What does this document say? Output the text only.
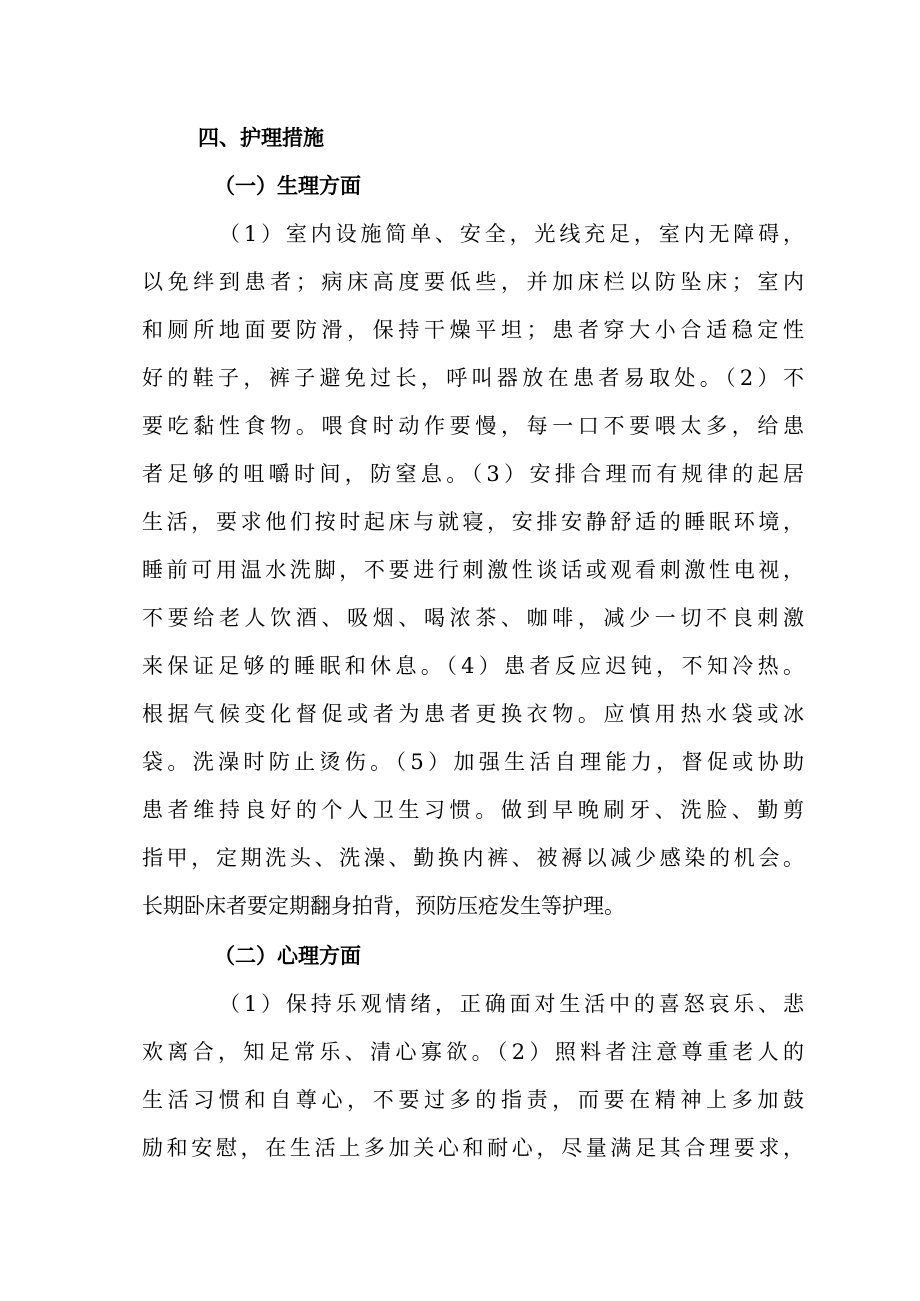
四、护理措施
（一）生理方面
（1）室内设施简单、安全，光线充足，室内无障碍，
以免绊到患者；病床高度要低些，并加床栏以防坠床；室内
和厕所地面要防滑，保持干燥平坦；患者穿大小合适稳定性
好的鞋子，裤子避免过长，呼叫器放在患者易取处。（2）不
要吃黏性食物。喂食时动作要慢，每一口不要喂太多，给患
者足够的咀嚼时间，防窒息。（3）安排合理而有规律的起居
生活，要求他们按时起床与就寝，安排安静舒适的睡眠环境，
睡前可用温水洗脚，不要进行刺激性谈话或观看刺激性电视，
不要给老人饮酒、吸烟、喝浓茶、咖啡，减少一切不良刺激
来保证足够的睡眠和休息。（4）患者反应迟钝，不知冷热。
根据气候变化督促或者为患者更换衣物。应慎用热水袋或冰
袋。洗澡时防止烫伤。（5）加强生活自理能力，督促或协助
患者维持良好的个人卫生习惯。做到早晚刷牙、洗脸、勤剪
指甲，定期洗头、洗澡、勤换内裤、被褥以减少感染的机会。
长期卧床者要定期翻身拍背，预防压疮发生等护理。
（二）心理方面
（1）保持乐观情绪，正确面对生活中的喜怒哀乐、悲
欢离合，知足常乐、清心寡欲。（2）照料者注意尊重老人的
生活习惯和自尊心，不要过多的指责，而要在精神上多加鼓
励和安慰，在生活上多加关心和耐心，尽量满足其合理要求，
